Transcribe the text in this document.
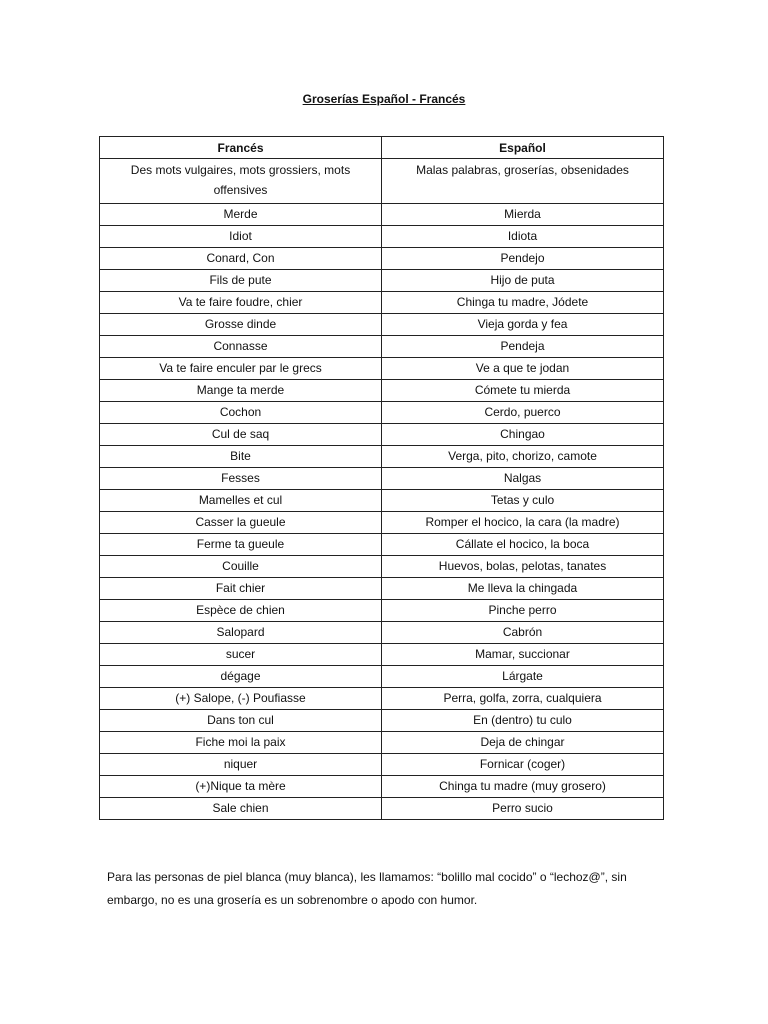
Groserías Español - Francés
Francés	Español
Des mots vulgaires, mots grossiers, mots offensives	Malas palabras, groserías, obsenidades
Merde	Mierda
Idiot	Idiota
Conard, Con	Pendejo
Fils de pute	Hijo de puta
Va te faire foudre, chier	Chinga tu madre, Jódete
Grosse dinde	Vieja gorda y fea
Connasse	Pendeja
Va te faire enculer par le grecs	Ve a que te jodan
Mange ta merde	Cómete tu mierda
Cochon	Cerdo, puerco
Cul de saq	Chingao
Bite	Verga, pito, chorizo, camote
Fesses	Nalgas
Mamelles et cul	Tetas y culo
Casser la gueule	Romper el hocico, la cara (la madre)
Ferme ta gueule	Cállate el hocico, la boca
Couille	Huevos, bolas, pelotas, tanates
Fait chier	Me lleva la chingada
Espèce de chien	Pinche perro
Salopard	Cabrón
sucer	Mamar, succionar
dégage	Lárgate
(+) Salope, (-) Poufiasse	Perra, golfa, zorra, cualquiera
Dans ton cul	En (dentro) tu culo
Fiche moi la paix	Deja de chingar
niquer	Fornicar (coger)
(+)Nique ta mère	Chinga tu madre (muy grosero)
Sale chien	Perro sucio

Para las personas de piel blanca (muy blanca), les llamamos: “bolillo mal cocido” o “lechoz@”, sin embargo, no es una grosería es un sobrenombre o apodo con humor.
